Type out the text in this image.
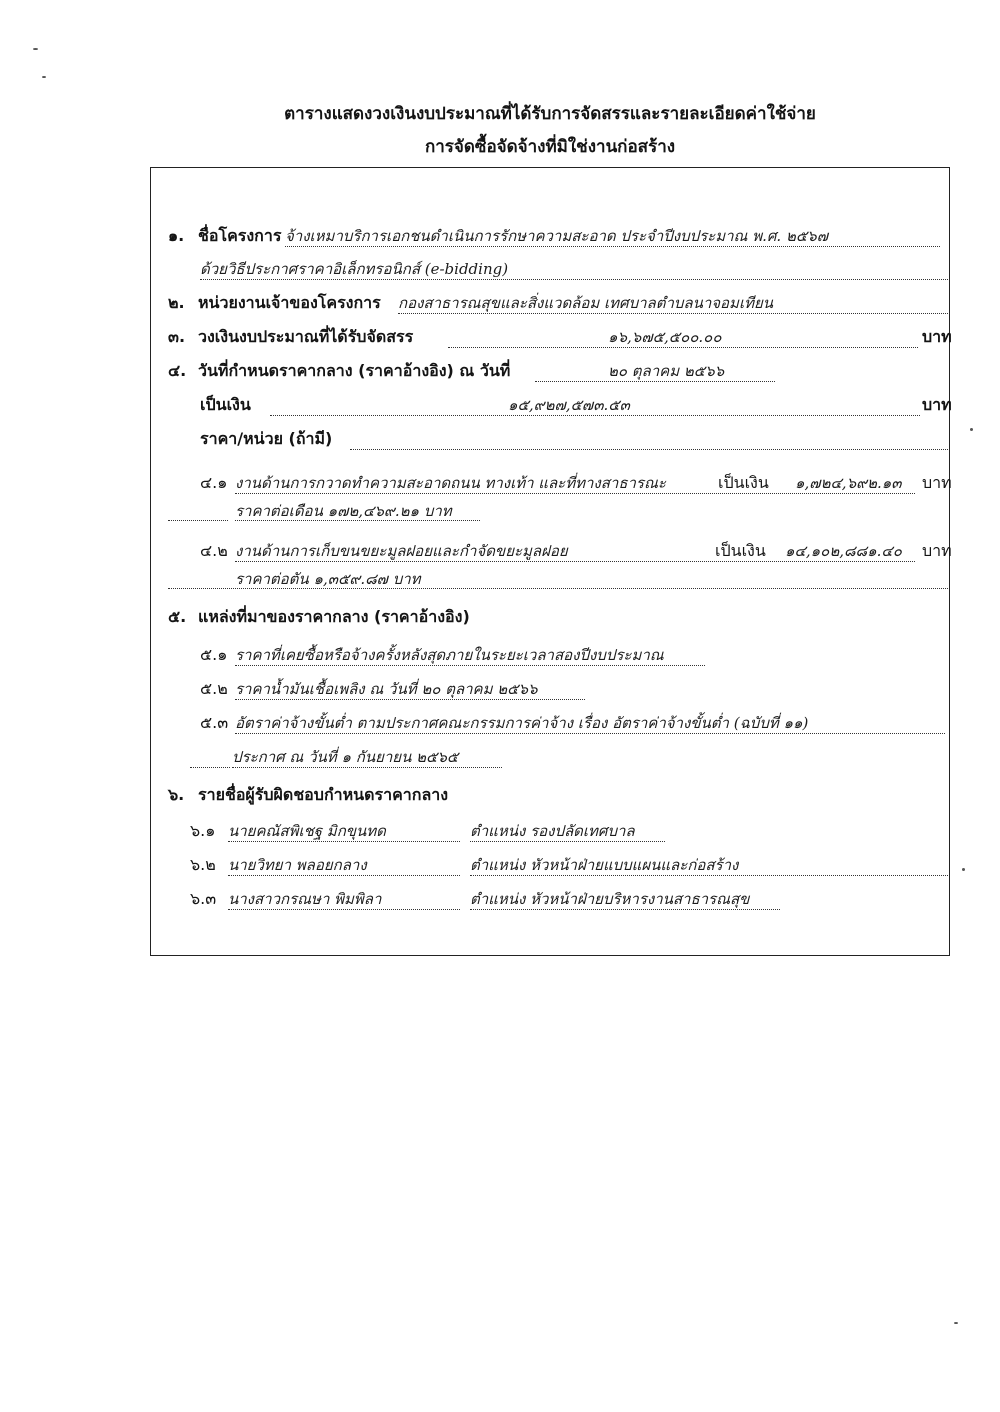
ตารางแสดงวงเงินงบประมาณที่ได้รับการจัดสรรและรายละเอียดค่าใช้จ่าย

การจัดซื้อจัดจ้างที่มิใช่งานก่อสร้าง

๑. ชื่อโครงการ จ้างเหมาบริการเอกชนดำเนินการรักษาความสะอาด ประจำปีงบประมาณ พ.ศ. ๒๕๖๗
ด้วยวิธีประกาศราคาอิเล็กทรอนิกส์ (e-bidding)
๒. หน่วยงานเจ้าของโครงการ กองสาธารณสุขและสิ่งแวดล้อม เทศบาลตำบลนาจอมเทียน
๓. วงเงินงบประมาณที่ได้รับจัดสรร	๑๖,๖๗๕,๕๐๐.๐๐	บาท
๔. วันที่กำหนดราคากลาง (ราคาอ้างอิง) ณ วันที่	๒๐ ตุลาคม ๒๕๖๖
เป็นเงิน	๑๕,๙๒๗,๕๗๓.๕๓	บาท
ราคา/หน่วย (ถ้ามี)
๔.๑ งานด้านการกวาดทำความสะอาดถนน ทางเท้า และที่ทางสาธารณะ	เป็นเงิน ๑,๗๒๔,๖๙๒.๑๓ บาท
ราคาต่อเดือน ๑๗๒,๔๖๙.๒๑ บาท
๔.๒ งานด้านการเก็บขนขยะมูลฝอยและกำจัดขยะมูลฝอย	เป็นเงิน ๑๔,๑๐๒,๘๘๑.๔๐ บาท
ราคาต่อตัน ๑,๓๕๙.๘๗ บาท
๕. แหล่งที่มาของราคากลาง (ราคาอ้างอิง)
๕.๑ ราคาที่เคยซื้อหรือจ้างครั้งหลังสุดภายในระยะเวลาสองปีงบประมาณ
๕.๒ ราคาน้ำมันเชื้อเพลิง ณ วันที่ ๒๐ ตุลาคม ๒๕๖๖
๕.๓ อัตราค่าจ้างขั้นต่ำ ตามประกาศคณะกรรมการค่าจ้าง เรื่อง อัตราค่าจ้างขั้นต่ำ (ฉบับที่ ๑๑)
ประกาศ ณ วันที่ ๑ กันยายน ๒๕๖๕
๖. รายชื่อผู้รับผิดชอบกำหนดราคากลาง
๖.๑ นายคณัสพิเชฐ มิกขุนทด	ตำแหน่ง รองปลัดเทศบาล
๖.๒ นายวิทยา พลอยกลาง	ตำแหน่ง หัวหน้าฝ่ายแบบแผนและก่อสร้าง
๖.๓ นางสาวกรณษา พิมพิลา	ตำแหน่ง หัวหน้าฝ่ายบริหารงานสาธารณสุข
